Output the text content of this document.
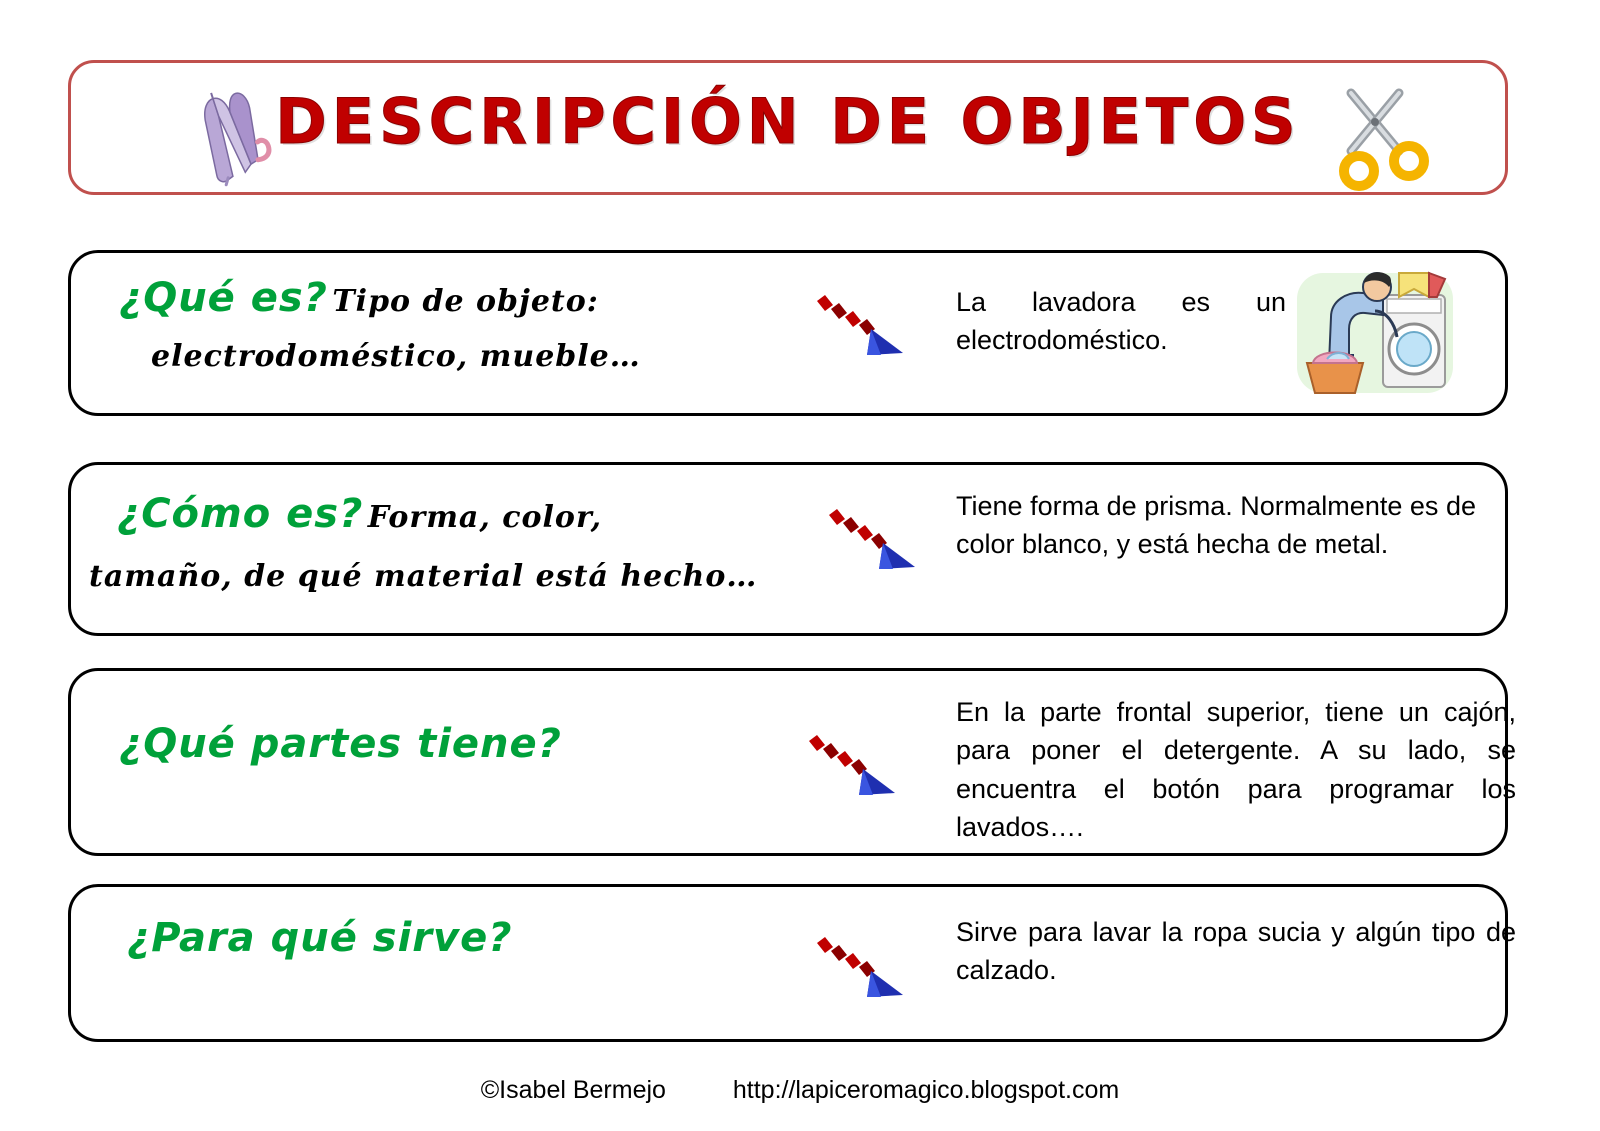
DESCRIPCIÓN DE OBJETOS
¿Qué es? Tipo de objeto:
electrodoméstico, mueble…
La lavadora es un electrodoméstico.
¿Cómo es? Forma, color,
tamaño, de qué material está hecho…
Tiene forma de prisma. Normalmente es de color blanco, y está hecha de metal.
¿Qué partes tiene?
En la parte frontal superior, tiene un cajón, para poner el detergente. A su lado, se encuentra el botón para programar los lavados….
¿Para qué sirve?	Sirve para lavar la ropa sucia y algún tipo de calzado.
©Isabel Bermejo	http://lapiceromagico.blogspot.com
